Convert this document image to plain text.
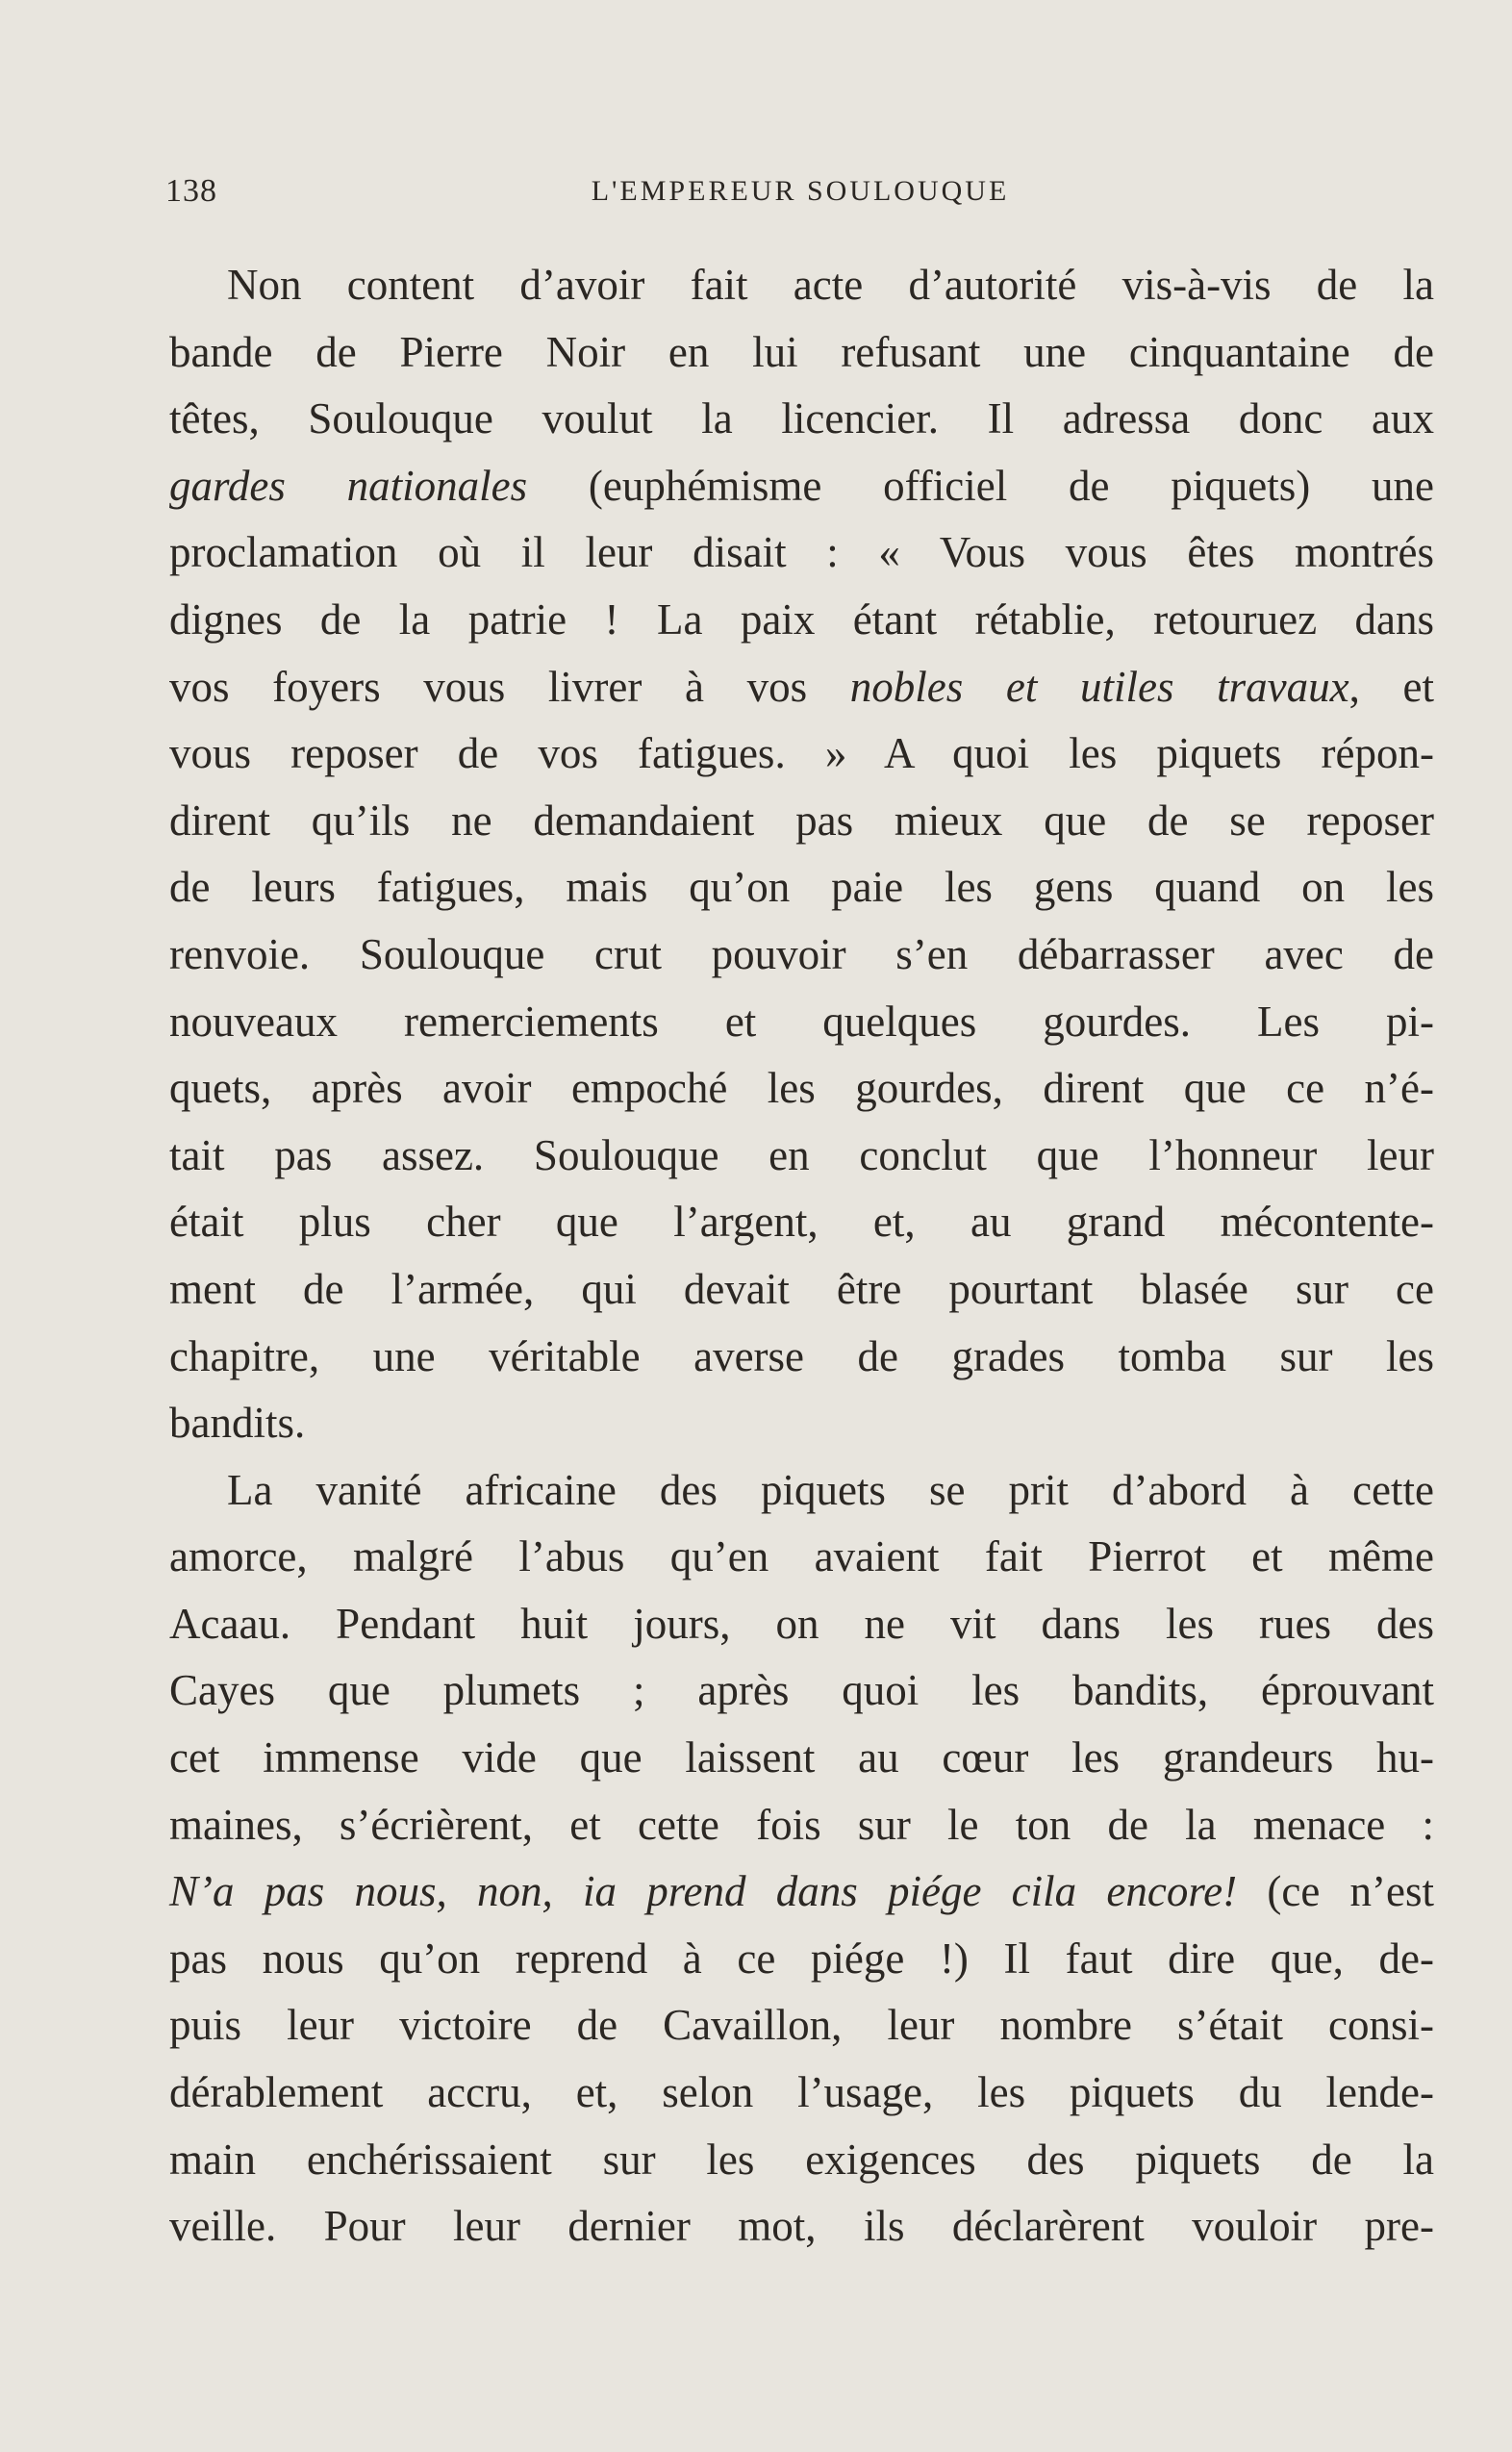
138	L'EMPEREUR SOULOUQUE
Non content d’avoir fait acte d’autorité vis-à-vis de la
bande de Pierre Noir en lui refusant une cinquantaine de
têtes, Soulouque voulut la licencier. Il adressa donc aux
gardes nationales (euphémisme officiel de piquets) une
proclamation où il leur disait : « Vous vous êtes montrés
dignes de la patrie ! La paix étant rétablie, retouruez dans
vos foyers vous livrer à vos nobles et utiles travaux, et
vous reposer de vos fatigues. » A quoi les piquets répon-
dirent qu’ils ne demandaient pas mieux que de se reposer
de leurs fatigues, mais qu’on paie les gens quand on les
renvoie. Soulouque crut pouvoir s’en débarrasser avec de
nouveaux remerciements et quelques gourdes. Les pi-
quets, après avoir empoché les gourdes, dirent que ce n’é-
tait pas assez. Soulouque en conclut que l’honneur leur
était plus cher que l’argent, et, au grand mécontente-
ment de l’armée, qui devait être pourtant blasée sur ce
chapitre, une véritable averse de grades tomba sur les
bandits.
La vanité africaine des piquets se prit d’abord à cette
amorce, malgré l’abus qu’en avaient fait Pierrot et même
Acaau. Pendant huit jours, on ne vit dans les rues des
Cayes que plumets ; après quoi les bandits, éprouvant
cet immense vide que laissent au cœur les grandeurs hu-
maines, s’écrièrent, et cette fois sur le ton de la menace :
N’a pas nous, non, ia prend dans piége cila encore! (ce n’est
pas nous qu’on reprend à ce piége !) Il faut dire que, de-
puis leur victoire de Cavaillon, leur nombre s’était consi-
dérablement accru, et, selon l’usage, les piquets du lende-
main enchérissaient sur les exigences des piquets de la
veille. Pour leur dernier mot, ils déclarèrent vouloir pre-
